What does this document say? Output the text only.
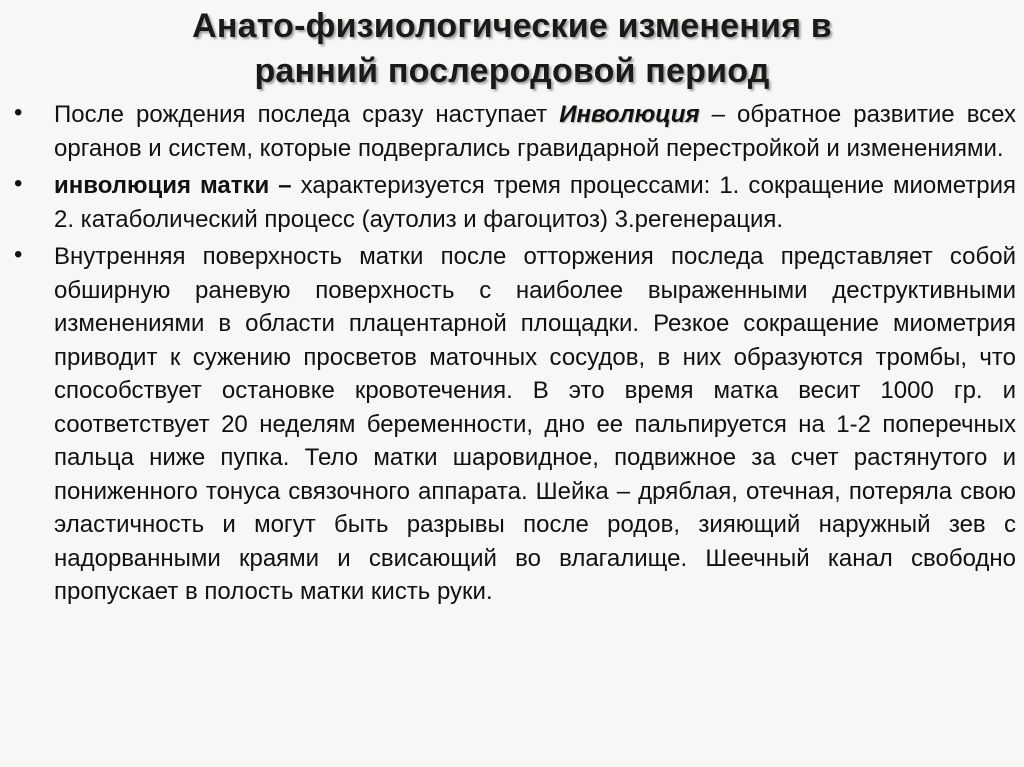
Анато-физиологические изменения в
ранний послеродовой период
• После рождения последа сразу наступает Инволюция – обратное развитие всех органов и систем, которые подвергались гравидарной перестройкой и изменениями.
• инволюция матки – характеризуется тремя процессами: 1. сокращение миометрия 2. катаболический процесс (аутолиз и фагоцитоз) 3.регенерация.
• Внутренняя поверхность матки после отторжения последа представляет собой обширную раневую поверхность с наиболее выраженными деструктивными изменениями в области плацентарной площадки. Резкое сокращение миометрия приводит к сужению просветов маточных сосудов, в них образуются тромбы, что способствует остановке кровотечения. В это время матка весит 1000 гр. и соответствует 20 неделям беременности, дно ее пальпируется на 1-2 поперечных пальца ниже пупка. Тело матки шаровидное, подвижное за счет растянутого и пониженного тонуса связочного аппарата. Шейка – дряблая, отечная, потеряла свою эластичность и могут быть разрывы после родов, зияющий наружный зев с надорванными краями и свисающий во влагалище. Шеечный канал свободно пропускает в полость матки кисть руки.
